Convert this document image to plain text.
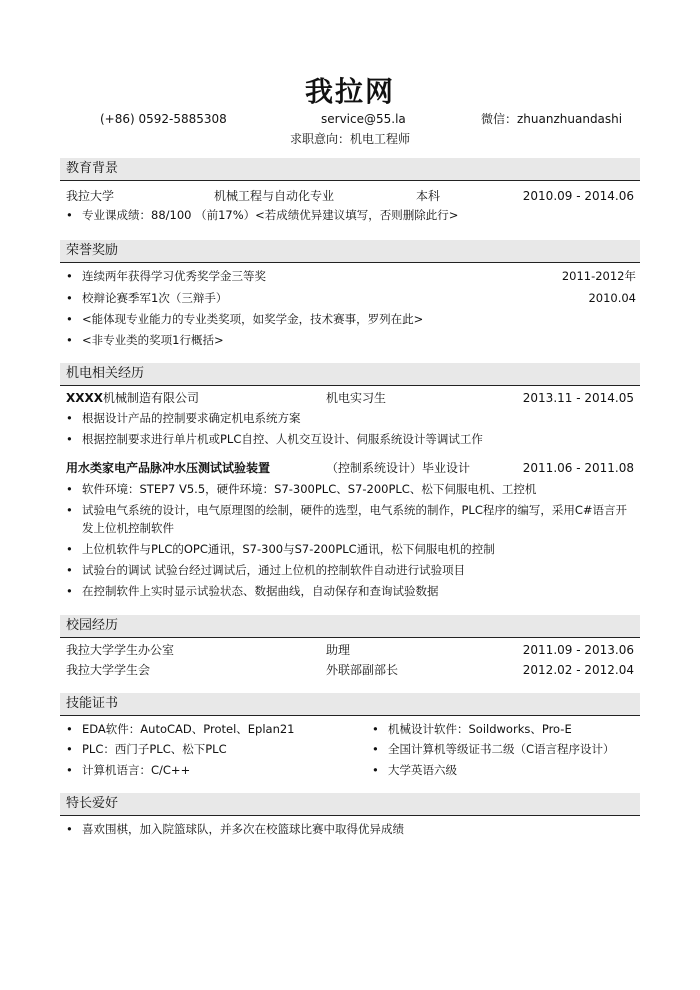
我拉网
(+86) 0592-5885308	service@55.la	微信：zhuanzhuandashi
求职意向：机电工程师
教育背景
我拉大学	机械工程与自动化专业	本科	2010.09 - 2014.06
• 专业课成绩：88/100 （前17%）<若成绩优异建议填写，否则删除此行>
荣誉奖励
• 连续两年获得学习优秀奖学金三等奖	2011-2012年
• 校辩论赛季军1次（三辩手）	2010.04
• <能体现专业能力的专业类奖项，如奖学金，技术赛事，罗列在此>
• <非专业类的奖项1行概括>
机电相关经历
XXXX机械制造有限公司	机电实习生	2013.11 - 2014.05
• 根据设计产品的控制要求确定机电系统方案
• 根据控制要求进行单片机或PLC自控、人机交互设计、伺服系统设计等调试工作
用水类家电产品脉冲水压测试试验装置	（控制系统设计）毕业设计	2011.06 - 2011.08
• 软件环境：STEP7 V5.5，硬件环境：S7-300PLC、S7-200PLC、松下伺服电机、工控机
• 试验电气系统的设计，电气原理图的绘制，硬件的选型，电气系统的制作，PLC程序的编写，采用C#语言开发上位机控制软件
• 上位机软件与PLC的OPC通讯，S7-300与S7-200PLC通讯，松下伺服电机的控制
• 试验台的调试 试验台经过调试后，通过上位机的控制软件自动进行试验项目
• 在控制软件上实时显示试验状态、数据曲线，自动保存和查询试验数据
校园经历
我拉大学学生办公室	助理	2011.09 - 2013.06
我拉大学学生会	外联部副部长	2012.02 - 2012.04
技能证书
• EDA软件：AutoCAD、Protel、Eplan21	• 机械设计软件：Soildworks、Pro-E
• PLC：西门子PLC、松下PLC	• 全国计算机等级证书二级（C语言程序设计）
• 计算机语言：C/C++	• 大学英语六级
特长爱好
• 喜欢围棋，加入院篮球队，并多次在校篮球比赛中取得优异成绩
